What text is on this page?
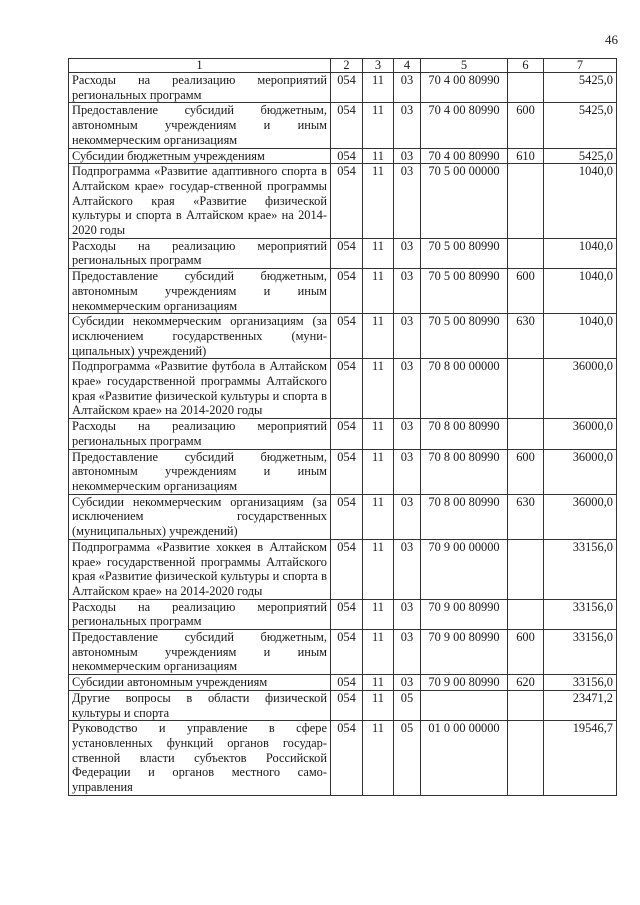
46
1	2	3	4	5	6	7
Расходы на реализацию мероприятий региональных программ	054	11	03	70 4 00 80990		5425,0
Предоставление субсидий бюджетным, автономным учреждениям и иным некоммерческим организациям	054	11	03	70 4 00 80990	600	5425,0
Субсидии бюджетным учреждениям	054	11	03	70 4 00 80990	610	5425,0
Подпрограмма «Развитие адаптивного спорта в Алтайском крае» государ-ственной программы Алтайского края «Развитие физической культуры и спорта в Алтайском крае» на 2014-2020 годы	054	11	03	70 5 00 00000		1040,0
Расходы на реализацию мероприятий региональных программ	054	11	03	70 5 00 80990		1040,0
Предоставление субсидий бюджетным, автономным учреждениям и иным некоммерческим организациям	054	11	03	70 5 00 80990	600	1040,0
Субсидии некоммерческим организациям (за исключением государственных (муни-ципальных) учреждений)	054	11	03	70 5 00 80990	630	1040,0
Подпрограмма «Развитие футбола в Алтайском крае» государственной программы Алтайского края «Развитие физической культуры и спорта в Алтайском крае» на 2014-2020 годы	054	11	03	70 8 00 00000		36000,0
Расходы на реализацию мероприятий региональных программ	054	11	03	70 8 00 80990		36000,0
Предоставление субсидий бюджетным, автономным учреждениям и иным некоммерческим организациям	054	11	03	70 8 00 80990	600	36000,0
Субсидии некоммерческим организациям (за исключением государственных (муниципальных) учреждений)	054	11	03	70 8 00 80990	630	36000,0
Подпрограмма «Развитие хоккея в Алтайском крае» государственной программы Алтайского края «Развитие физической культуры и спорта в Алтайском крае» на 2014-2020 годы	054	11	03	70 9 00 00000		33156,0
Расходы на реализацию мероприятий региональных программ	054	11	03	70 9 00 80990		33156,0
Предоставление субсидий бюджетным, автономным учреждениям и иным некоммерческим организациям	054	11	03	70 9 00 80990	600	33156,0
Субсидии автономным учреждениям	054	11	03	70 9 00 80990	620	33156,0
Другие вопросы в области физической культуры и спорта	054	11	05			23471,2
Руководство и управление в сфере установленных функций органов государ-ственной власти субъектов Российской Федерации и органов местного само-управления	054	11	05	01 0 00 00000		19546,7
